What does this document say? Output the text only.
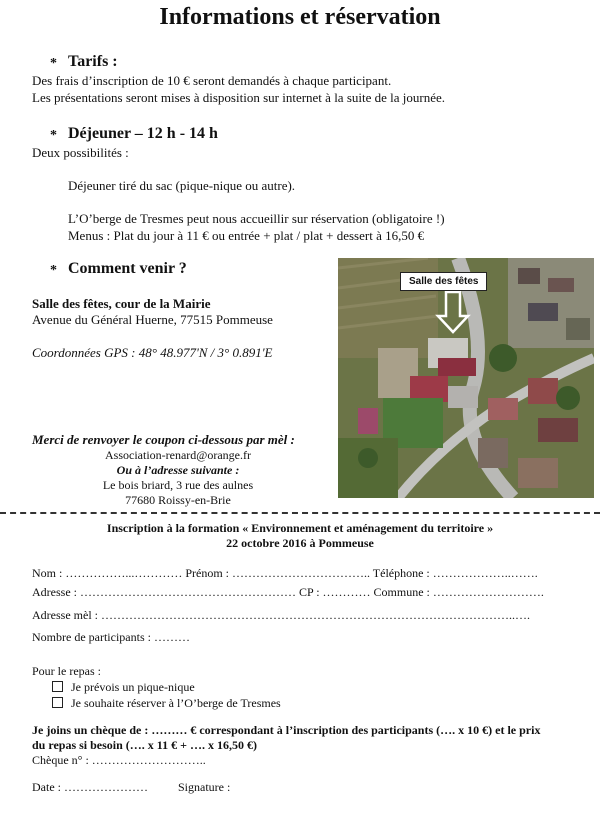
Informations et réservation
* Tarifs :
Des frais d’inscription de 10 € seront demandés à chaque participant.
Les présentations seront mises à disposition sur internet à la suite de la journée.
* Déjeuner – 12 h - 14 h
Deux possibilités :
Déjeuner tiré du sac (pique-nique ou autre).
L’O’berge de Tresmes peut nous accueillir sur réservation (obligatoire !)
Menus : Plat du jour à 11 € ou entrée + plat / plat + dessert à 16,50 €
* Comment venir ?
Salle des fêtes, cour de la Mairie
Avenue du Général Huerne, 77515 Pommeuse
Coordonnées GPS : 48° 48.977'N / 3° 0.891'E
Salle des fêtes
Merci de renvoyer le coupon ci-dessous par mèl :
Association-renard@orange.fr
Ou à l’adresse suivante :
Le bois briard, 3 rue des aulnes
77680 Roissy-en-Brie
Inscription à la formation « Environnement et aménagement du territoire »
22 octobre 2016 à Pommeuse
Nom : ……………...………… Prénom : …………………………….. Téléphone : ………………..…….
Adresse : ……………………………………………… CP : ………… Commune : ……………………….
Adresse mèl : …………………………………………………………………………………………..….
Nombre de participants : ………
Pour le repas :
Je prévois un pique-nique
Je souhaite réserver à l’O’berge de Tresmes
Je joins un chèque de : ……… € correspondant à l’inscription des participants (…. x 10 €) et le prix
du repas si besoin (…. x 11 € + …. x 16,50 €)
Chèque n° : ………………………..
Date : …………………	Signature :
